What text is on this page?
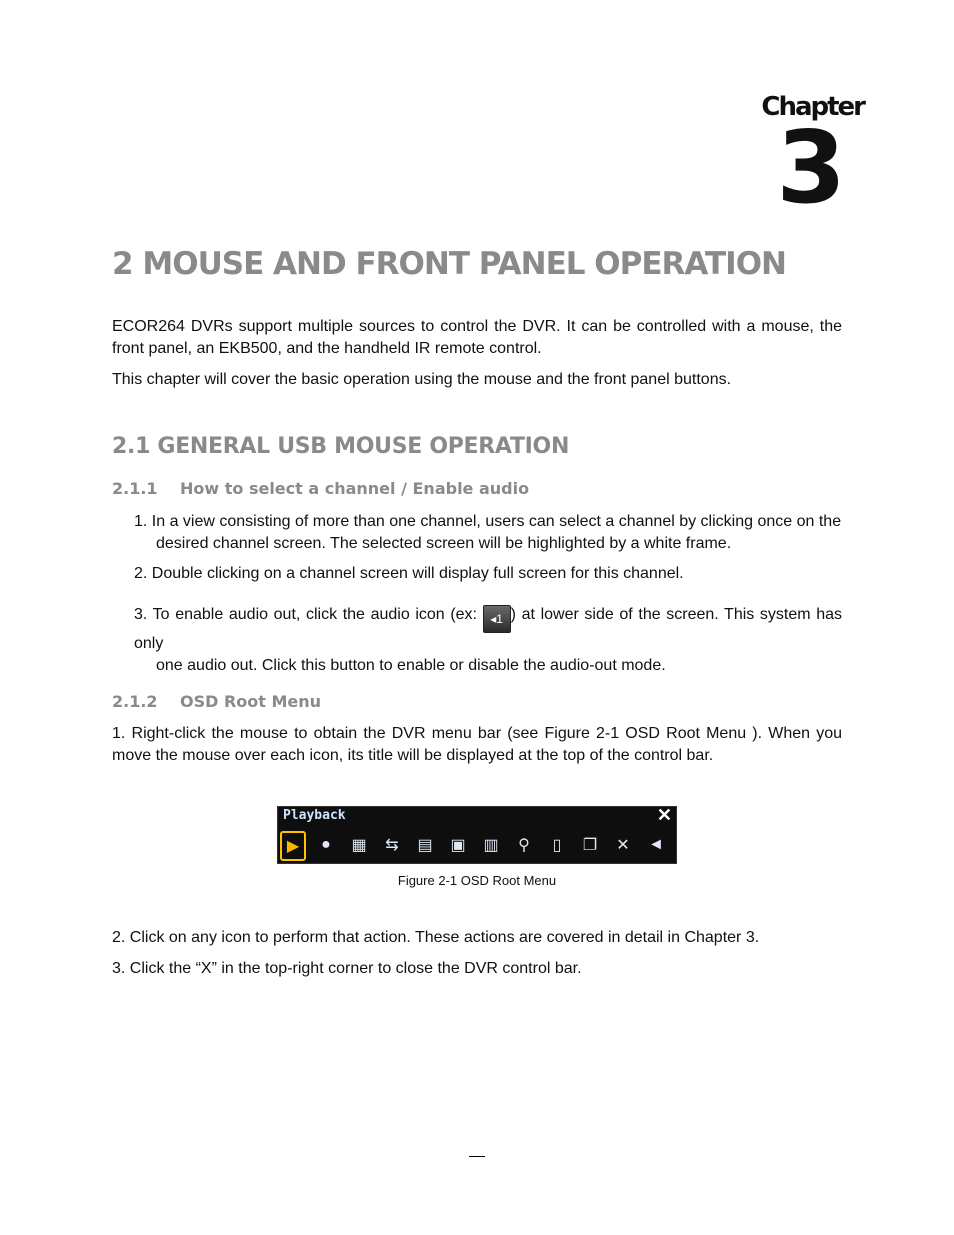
Chapter
3
2 MOUSE AND FRONT PANEL OPERATION

ECOR264 DVRs support multiple sources to control the DVR. It can be controlled with a mouse, the front panel, an EKB500, and the handheld IR remote control.

This chapter will cover the basic operation using the mouse and the front panel buttons.

2.1 GENERAL USB MOUSE OPERATION
2.1.1 How to select a channel / Enable audio

1. In a view consisting of more than one channel, users can select a channel by clicking once on the
desired channel screen. The selected screen will be highlighted by a white frame.

2. Double clicking on a channel screen will display full screen for this channel.

3. To enable audio out, click the audio icon (ex: ◂1 ) at lower side of the screen. This system has only
one audio out. Click this button to enable or disable the audio-out mode.

2.1.2 OSD Root Menu

1. Right-click the mouse to obtain the DVR menu bar (see Figure 2-1 OSD Root Menu ). When you move the mouse over each icon, its title will be displayed at the top of the control bar.

Playback	✕
▶	●	▦	⇆	▤	▣	▥	⚲	▯	❐	✕	◄
Figure 2-1 OSD Root Menu

2. Click on any icon to perform that action. These actions are covered in detail in Chapter 3.

3. Click the “X” in the top-right corner to close the DVR control bar.
